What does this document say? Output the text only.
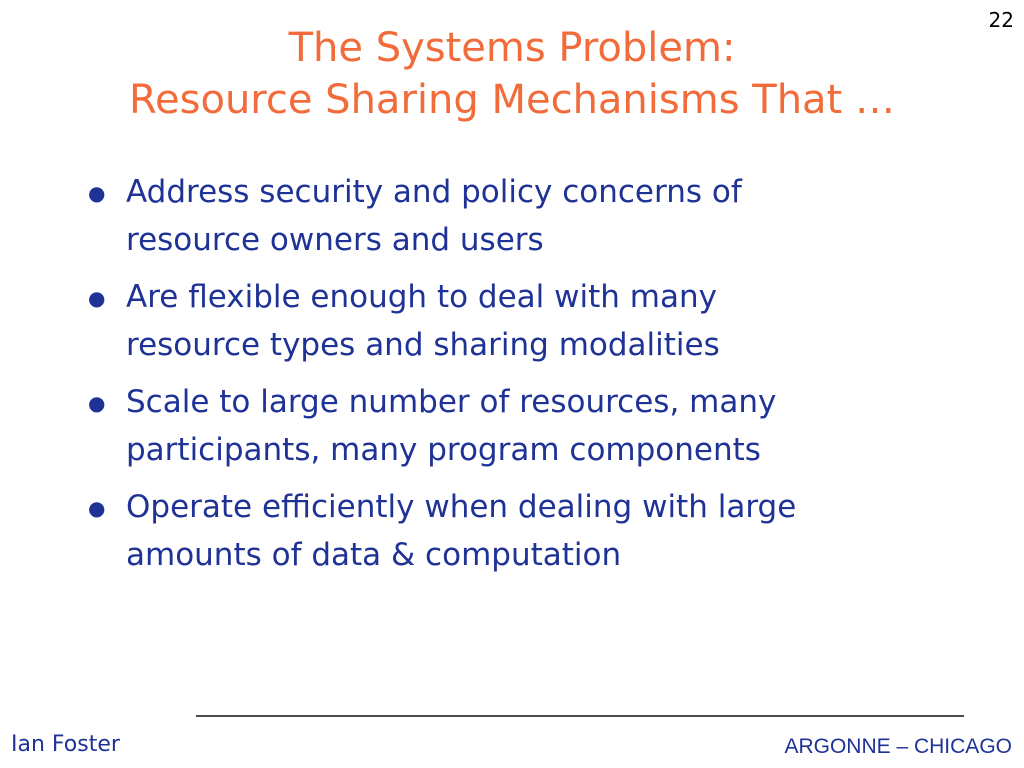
22
The Systems Problem:
Resource Sharing Mechanisms That …
● Address security and policy concerns of
resource owners and users
● Are flexible enough to deal with many
resource types and sharing modalities
● Scale to large number of resources, many
participants, many program components
● Operate efficiently when dealing with large
amounts of data & computation
Ian Foster	ARGONNE – CHICAGO
